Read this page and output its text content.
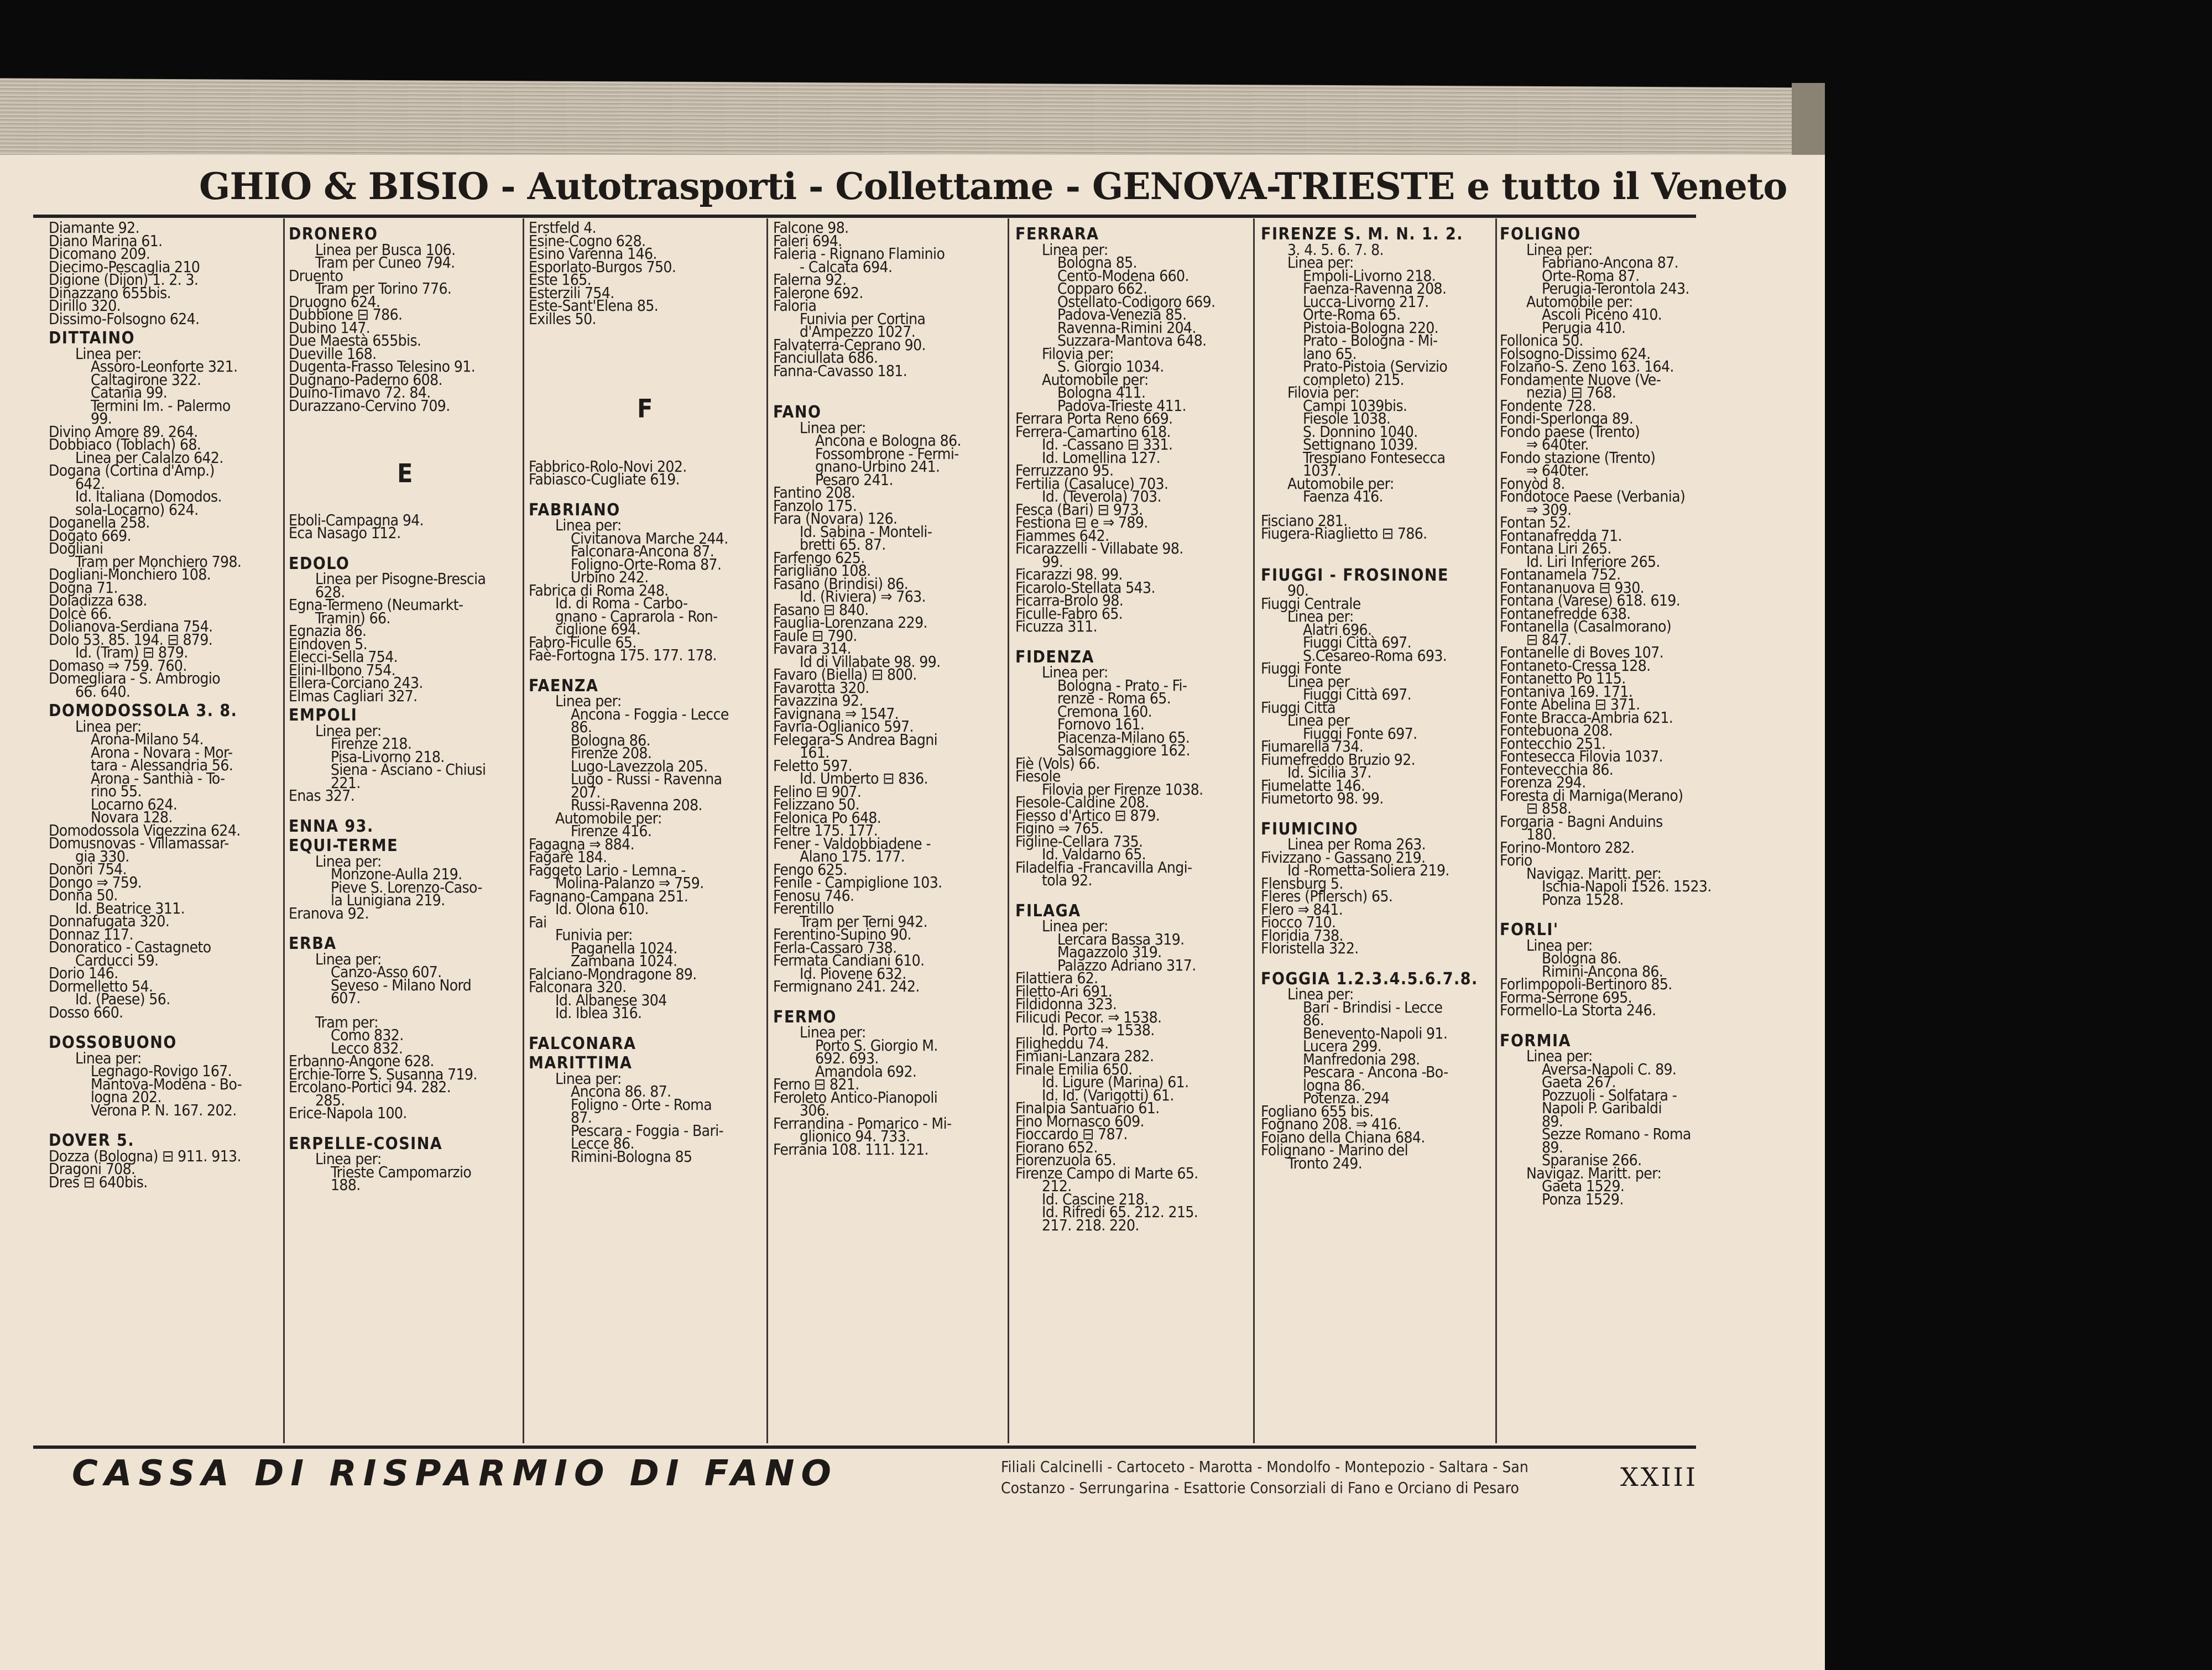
GHIO & BISIO - Autotrasporti - Collettame - GENOVA-TRIESTE e tutto il Veneto
Diamante 92.
Diano Marina 61.
Dicomano 209.
Diecimo-Pescaglia 210
Digione (Dijon) 1. 2. 3.
Dinazzano 655bis.
Dirillo 320.
Dissimo-Folsogno 624.
DITTAINO
Linea per:
Assoro-Leonforte 321.
Caltagirone 322.
Catania 99.
Termini Im. - Palermo
99.
Divino Amore 89. 264.
Dobbiaco (Toblach) 68.
Linea per Calalzo 642.
Dogana (Cortina d'Amp.)
642.
Id. Italiana (Domodos.
sola-Locarno) 624.
Doganella 258.
Dogato 669.
Dogliani
Tram per Monchiero 798.
Dogliani-Monchiero 108.
Dogna 71.
Doladizza 638.
Dolcè 66.
Dolianova-Serdiana 754.
Dolo 53. 85. 194. ⊟ 879.
Id. (Tram) ⊟ 879.
Domaso ⇒ 759. 760.
Domegliara - S. Ambrogio
66. 640.
DOMODOSSOLA 3. 8.
Linea per:
Arona-Milano 54.
Arona - Novara - Mor-
tara - Alessandria 56.
Arona - Santhià - To-
rino 55.
Locarno 624.
Novara 128.
Domodossola Vigezzina 624.
Domusnovas - Villamassar-
gia 330.
Donori 754.
Dongo ⇒ 759.
Donna 50.
Id. Beatrice 311.
Donnafugata 320.
Donnaz 117.
Donoratico - Castagneto
Carducci 59.
Dorio 146.
Dormelletto 54.
Id. (Paese) 56.
Dosso 660.
DOSSOBUONO
Linea per:
Legnago-Rovigo 167.
Mantova-Modena - Bo-
logna 202.
Verona P. N. 167. 202.
DOVER 5.
Dozza (Bologna) ⊟ 911. 913.
Dragoni 708.
Dres ⊟ 640bis.
DRONERO
Linea per Busca 106.
Tram per Cuneo 794.
Druento
Tram per Torino 776.
Druogno 624.
Dubbione ⊟ 786.
Dubino 147.
Due Maestà 655bis.
Dueville 168.
Dugenta-Frasso Telesino 91.
Dugnano-Paderno 608.
Duino-Timavo 72. 84.
Durazzano-Cervino 709.
E
Eboli-Campagna 94.
Eca Nasago 112.
EDOLO
Linea per Pisogne-Brescia
628.
Egna-Termeno (Neumarkt-
Tramin) 66.
Egnazia 86.
Eindoven 5.
Elecci-Sella 754.
Elini-Ilbono 754.
Ellera-Corciano 243.
Elmas Cagliari 327.
EMPOLI
Linea per:
Firenze 218.
Pisa-Livorno 218.
Siena - Asciano - Chiusi
221.
Enas 327.
ENNA 93.
EQUI-TERME
Linea per:
Monzone-Aulla 219.
Pieve S. Lorenzo-Caso-
la Lunigiana 219.
Eranova 92.
ERBA
Linea per:
Canzo-Asso 607.
Seveso - Milano Nord
607.
Tram per:
Como 832.
Lecco 832.
Erbanno-Angone 628.
Erchie-Torre S. Susanna 719.
Ercolano-Portici 94. 282.
285.
Erice-Napola 100.
ERPELLE-COSINA
Linea per:
Trieste Campomarzio
188.
Erstfeld 4.
Esine-Cogno 628.
Esino Varenna 146.
Esporlato-Burgos 750.
Este 165.
Esterzili 754.
Este-Sant'Elena 85.
Exilles 50.
F
Fabbrico-Rolo-Novi 202.
Fabiasco-Cugliate 619.
FABRIANO
Linea per:
Civitanova Marche 244.
Falconara-Ancona 87.
Foligno-Orte-Roma 87.
Urbino 242.
Fabrica di Roma 248.
Id. di Roma - Carbo-
gnano - Caprarola - Ron-
ciglione 694.
Fabro-Ficulle 65.
Faè-Fortogna 175. 177. 178.
FAENZA
Linea per:
Ancona - Foggia - Lecce
86.
Bologna 86.
Firenze 208.
Lugo-Lavezzola 205.
Lugo - Russi - Ravenna
207.
Russi-Ravenna 208.
Automobile per:
Firenze 416.
Fagagna ⇒ 884.
Fagarè 184.
Faggeto Lario - Lemna -
Molina-Palanzo ⇒ 759.
Fagnano-Campana 251.
Id. Olona 610.
Fai
Funivia per:
Paganella 1024.
Zambana 1024.
Falciano-Mondragone 89.
Falconara 320.
Id. Albanese 304
Id. Iblea 316.
FALCONARA
MARITTIMA
Linea per:
Ancona 86. 87.
Foligno - Orte - Roma
87.
Pescara - Foggia - Bari-
Lecce 86.
Rimini-Bologna 85
Falcone 98.
Faleri 694.
Faleria - Rignano Flaminio
- Calcata 694.
Falerna 92.
Falerone 692.
Faloria
Funivia per Cortina
d'Ampezzo 1027.
Falvaterra-Ceprano 90.
Fanciullata 686.
Fanna-Cavasso 181.
FANO
Linea per:
Ancona e Bologna 86.
Fossombrone - Fermi-
gnano-Urbino 241.
Pesaro 241.
Fantino 208.
Fanzolo 175.
Fara (Novara) 126.
Id. Sabina - Monteli-
bretti 65. 87.
Farfengo 625.
Farigliano 108.
Fasano (Brindisi) 86.
Id. (Riviera) ⇒ 763.
Fasano ⊟ 840.
Fauglia-Lorenzana 229.
Faule ⊟ 790.
Favara 314.
Id di Villabate 98. 99.
Favaro (Biella) ⊟ 800.
Favarotta 320.
Favazzina 92.
Favignana ⇒ 1547.
Favria-Oglianico 597.
Felegara-S Andrea Bagni
161.
Feletto 597.
Id. Umberto ⊟ 836.
Felino ⊟ 907.
Felizzano 50.
Felonica Po 648.
Feltre 175. 177.
Fener - Valdobbiadene -
Alano 175. 177.
Fengo 625.
Fenile - Campiglione 103.
Fenosu 746.
Ferentillo
Tram per Terni 942.
Ferentino-Supino 90.
Ferla-Cassaro 738.
Fermata Candiani 610.
Id. Piovene 632.
Fermignano 241. 242.
FERMO
Linea per:
Porto S. Giorgio M.
692. 693.
Amandola 692.
Ferno ⊟ 821.
Feroleto Antico-Pianopoli
306.
Ferrandina - Pomarico - Mi-
glionico 94. 733.
Ferrania 108. 111. 121.
FERRARA
Linea per:
Bologna 85.
Cento-Modena 660.
Copparo 662.
Ostellato-Codigoro 669.
Padova-Venezia 85.
Ravenna-Rimini 204.
Suzzara-Mantova 648.
Filovia per:
S. Giorgio 1034.
Automobile per:
Bologna 411.
Padova-Trieste 411.
Ferrara Porta Reno 669.
Ferrera-Camartino 618.
Id. -Cassano ⊟ 331.
Id. Lomellina 127.
Ferruzzano 95.
Fertilia (Casaluce) 703.
Id. (Teverola) 703.
Fesca (Bari) ⊟ 973.
Festiona ⊟ e ⇒ 789.
Fiammes 642.
Ficarazzelli - Villabate 98.
99.
Ficarazzi 98. 99.
Ficarolo-Stellata 543.
Ficarra-Brolo 98.
Ficulle-Fabro 65.
Ficuzza 311.
FIDENZA
Linea per:
Bologna - Prato - Fi-
renze - Roma 65.
Cremona 160.
Fornovo 161.
Piacenza-Milano 65.
Salsomaggiore 162.
Fiè (Vols) 66.
Fiesole
Filovia per Firenze 1038.
Fiesole-Caldine 208.
Fiesso d'Artico ⊟ 879.
Figino ⇒ 765.
Figline-Cellara 735.
Id. Valdarno 65.
Filadelfia -Francavilla Angi-
tola 92.
FILAGA
Linea per:
Lercara Bassa 319.
Magazzolo 319.
Palazzo Adriano 317.
Filattiera 62.
Filetto-Ari 691.
Fildidonna 323.
Filicudi Pecor. ⇒ 1538.
Id. Porto ⇒ 1538.
Filigheddu 74.
Fimiani-Lanzara 282.
Finale Emilia 650.
Id. Ligure (Marina) 61.
Id. Id. (Varigotti) 61.
Finalpia Santuario 61.
Fino Mornasco 609.
Fioccardo ⊟ 787.
Fiorano 652.
Fiorenzuola 65.
Firenze Campo di Marte 65.
212.
Id. Cascine 218.
Id. Rifredi 65. 212. 215.
217. 218. 220.
FIRENZE S. M. N. 1. 2.
3. 4. 5. 6. 7. 8.
Linea per:
Empoli-Livorno 218.
Faenza-Ravenna 208.
Lucca-Livorno 217.
Orte-Roma 65.
Pistoia-Bologna 220.
Prato - Bologna - Mi-
lano 65.
Prato-Pistoia (Servizio
completo) 215.
Filovia per:
Campi 1039bis.
Fiesole 1038.
S. Donnino 1040.
Settignano 1039.
Trespiano Fontesecca
1037.
Automobile per:
Faenza 416.
Fisciano 281.
Fiugera-Riaglietto ⊟ 786.
FIUGGI - FROSINONE
90.
Fiuggi Centrale
Linea per:
Alatri 696.
Fiuggi Città 697.
S.Cesareo-Roma 693.
Fiuggi Fonte
Linea per
Fiuggi Città 697.
Fiuggi Città
Linea per
Fiuggi Fonte 697.
Fiumarella 734.
Fiumefreddo Bruzio 92.
Id. Sicilia 37.
Fiumelatte 146.
Fiumetorto 98. 99.
FIUMICINO
Linea per Roma 263.
Fivizzano - Gassano 219.
Id -Rometta-Soliera 219.
Flensburg 5.
Fleres (Pflersch) 65.
Flero ⇒ 841.
Fiocco 710.
Floridia 738.
Floristella 322.
FOGGIA 1.2.3.4.5.6.7.8.
Linea per:
Bari - Brindisi - Lecce
86.
Benevento-Napoli 91.
Lucera 299.
Manfredonia 298.
Pescara - Ancona -Bo-
logna 86.
Potenza. 294
Fogliano 655 bis.
Fognano 208. ⇒ 416.
Foiano della Chiana 684.
Folignano - Marino del
Tronto 249.
FOLIGNO
Linea per:
Fabriano-Ancona 87.
Orte-Roma 87.
Perugia-Terontola 243.
Automobile per:
Ascoli Piceno 410.
Perugia 410.
Follonica 50.
Folsogno-Dissimo 624.
Folzano-S. Zeno 163. 164.
Fondamente Nuove (Ve-
nezia) ⊟ 768.
Fondente 728.
Fondi-Sperlonga 89.
Fondo paese (Trento)
⇒ 640ter.
Fondo stazione (Trento)
⇒ 640ter.
Fonyòd 8.
Fondotoce Paese (Verbania)
⇒ 309.
Fontan 52.
Fontanafredda 71.
Fontana Liri 265.
Id. Liri Inferiore 265.
Fontanamela 752.
Fontananuova ⊟ 930.
Fontana (Varese) 618. 619.
Fontanefredde 638.
Fontanella (Casalmorano)
⊟ 847.
Fontanelle di Boves 107.
Fontaneto-Cressa 128.
Fontanetto Po 115.
Fontaniva 169. 171.
Fonte Abelina ⊟ 371.
Fonte Bracca-Ambria 621.
Fontebuona 208.
Fontecchio 251.
Fontesecca Filovia 1037.
Fontevecchia 86.
Forenza 294.
Foresta di Marniga(Merano)
⊟ 858.
Forgaria - Bagni Anduins
180.
Forino-Montoro 282.
Forio
Navigaz. Maritt. per:
Ischia-Napoli 1526. 1523.
Ponza 1528.
FORLI'
Linea per:
Bologna 86.
Rimini-Ancona 86.
Forlimpopoli-Bertinoro 85.
Forma-Serrone 695.
Formello-La Storta 246.
FORMIA
Linea per:
Aversa-Napoli C. 89.
Gaeta 267.
Pozzuoli - Solfatara -
Napoli P. Garibaldi
89.
Sezze Romano - Roma
89.
Sparanise 266.
Navigaz. Maritt. per:
Gaeta 1529.
Ponza 1529.
CASSA DI RISPARMIO DI FANO	Filiali Calcinelli - Cartoceto - Marotta - Mondolfo - Montepozio - Saltara - San
Costanzo - Serrungarina - Esattorie Consorziali di Fano e Orciano di Pesaro	XXIII
